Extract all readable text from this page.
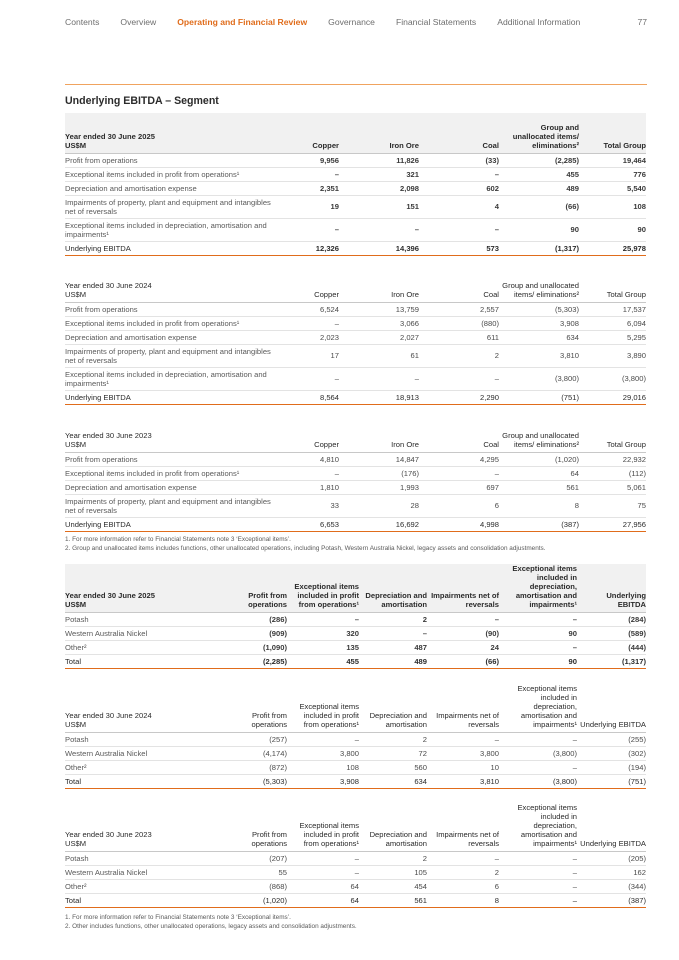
Contents Overview Operating and Financial Review Governance Financial Statements Additional Information	77
Underlying EBITDA – Segment
Year ended 30 June 2025
US$M	Copper	Iron Ore	Coal	Group and unallocated items/ eliminations²	Total Group
Profit from operations	9,956	11,826	(33)	(2,285)	19,464
Exceptional items included in profit from operations¹	–	321	–	455	776
Depreciation and amortisation expense	2,351	2,098	602	489	5,540
Impairments of property, plant and equipment and intangibles net of reversals	19	151	4	(66)	108
Exceptional items included in depreciation, amortisation and impairments¹	–	–	–	90	90
Underlying EBITDA	12,326	14,396	573	(1,317)	25,978
Year ended 30 June 2024
US$M	Copper	Iron Ore	Coal	Group and unallocated items/ eliminations²	Total Group
Profit from operations	6,524	13,759	2,557	(5,303)	17,537
Exceptional items included in profit from operations¹	–	3,066	(880)	3,908	6,094
Depreciation and amortisation expense	2,023	2,027	611	634	5,295
Impairments of property, plant and equipment and intangibles net of reversals	17	61	2	3,810	3,890
Exceptional items included in depreciation, amortisation and impairments¹	–	–	–	(3,800)	(3,800)
Underlying EBITDA	8,564	18,913	2,290	(751)	29,016
Year ended 30 June 2023
US$M	Copper	Iron Ore	Coal	Group and unallocated items/ eliminations²	Total Group
Profit from operations	4,810	14,847	4,295	(1,020)	22,932
Exceptional items included in profit from operations¹	–	(176)	–	64	(112)
Depreciation and amortisation expense	1,810	1,993	697	561	5,061
Impairments of property, plant and equipment and intangibles net of reversals	33	28	6	8	75
Underlying EBITDA	6,653	16,692	4,998	(387)	27,956
1. For more information refer to Financial Statements note 3 ‘Exceptional items’.
2. Group and unallocated items includes functions, other unallocated operations, including Potash, Western Australia Nickel, legacy assets and consolidation adjustments.
Year ended 30 June 2025
US$M	Profit from operations	Exceptional items included in profit from operations¹	Depreciation and amortisation	Impairments net of reversals	Exceptional items included in depreciation, amortisation and impairments¹	Underlying EBITDA
Potash	(286)	–	2	–	–	(284)
Western Australia Nickel	(909)	320	–	(90)	90	(589)
Other²	(1,090)	135	487	24	–	(444)
Total	(2,285)	455	489	(66)	90	(1,317)
Year ended 30 June 2024
US$M	Profit from operations	Exceptional items included in profit from operations¹	Depreciation and amortisation	Impairments net of reversals	Exceptional items included in depreciation, amortisation and impairments¹	Underlying EBITDA
Potash	(257)	–	2	–	–	(255)
Western Australia Nickel	(4,174)	3,800	72	3,800	(3,800)	(302)
Other²	(872)	108	560	10	–	(194)
Total	(5,303)	3,908	634	3,810	(3,800)	(751)
Year ended 30 June 2023
US$M	Profit from operations	Exceptional items included in profit from operations¹	Depreciation and amortisation	Impairments net of reversals	Exceptional items included in depreciation, amortisation and impairments¹	Underlying EBITDA
Potash	(207)	–	2	–	–	(205)
Western Australia Nickel	55	–	105	2	–	162
Other²	(868)	64	454	6	–	(344)
Total	(1,020)	64	561	8	–	(387)
1. For more information refer to Financial Statements note 3 ‘Exceptional items’.
2. Other includes functions, other unallocated operations, legacy assets and consolidation adjustments.
